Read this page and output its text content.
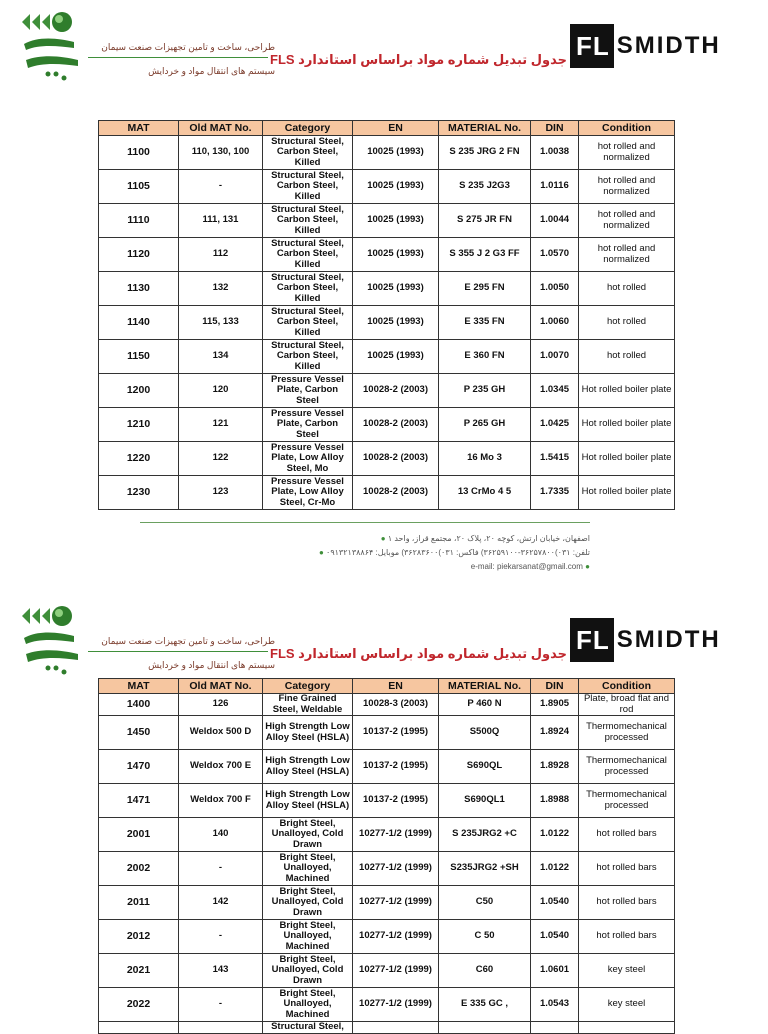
طراحی، ساخت و تامین تجهیزات صنعت سیمان
سیستم های انتقال مواد و خردایش
جدول تبدیل شماره مواد براساس استاندارد FLS FL SMIDTH
MAT	Old MAT No.	Category	EN	MATERIAL No.	DIN	Condition
1100	110, 130, 100	Structural Steel, Carbon Steel, Killed	10025 (1993)	S 235 JRG 2 FN	1.0038	hot rolled and normalized
1105	-	Structural Steel, Carbon Steel, Killed	10025 (1993)	S 235 J2G3	1.0116	hot rolled and normalized
1110	111, 131	Structural Steel, Carbon Steel, Killed	10025 (1993)	S 275 JR FN	1.0044	hot rolled and normalized
1120	112	Structural Steel, Carbon Steel, Killed	10025 (1993)	S 355 J 2 G3 FF	1.0570	hot rolled and normalized
1130	132	Structural Steel, Carbon Steel, Killed	10025 (1993)	E 295 FN	1.0050	hot rolled
1140	115, 133	Structural Steel, Carbon Steel, Killed	10025 (1993)	E 335 FN	1.0060	hot rolled
1150	134	Structural Steel, Carbon Steel, Killed	10025 (1993)	E 360 FN	1.0070	hot rolled
1200	120	Pressure Vessel Plate, Carbon Steel	10028-2 (2003)	P 235 GH	1.0345	Hot rolled boiler plate
1210	121	Pressure Vessel Plate, Carbon Steel	10028-2 (2003)	P 265 GH	1.0425	Hot rolled boiler plate
1220	122	Pressure Vessel Plate, Low Alloy Steel, Mo	10028-2 (2003)	16 Mo 3	1.5415	Hot rolled boiler plate
1230	123	Pressure Vessel Plate, Low Alloy Steel, Cr-Mo	10028-2 (2003)	13 CrMo 4 5	1.7335	Hot rolled boiler plate
اصفهان، خیابان ارتش، کوچه ۲۰، پلاک ۲۰، مجتمع قراز، واحد ۱ ●
تلفن: ۰۳۱)۳۶۲۵۷۸۰۰-۳۶۲۵۹۱۰۰) فاکس: ۰۳۱)۳۶۲۸۳۶۰۰) موبایل: ۰۹۱۳۲۱۳۸۸۶۴ ●
e-mail: piekarsanat@gmail.com ●
طراحی، ساخت و تامین تجهیزات صنعت سیمان
سیستم های انتقال مواد و خردایش
جدول تبدیل شماره مواد براساس استاندارد FLS FL SMIDTH
MAT	Old MAT No.	Category	EN	MATERIAL No.	DIN	Condition
1400	126	Fine Grained Steel, Weldable	10028-3 (2003)	P 460 N	1.8905	Plate, broad flat and rod
1450	Weldox 500 D	High Strength Low Alloy Steel (HSLA)	10137-2 (1995)	S500Q	1.8924	Thermomechanical processed
1470	Weldox 700 E	High Strength Low Alloy Steel (HSLA)	10137-2 (1995)	S690QL	1.8928	Thermomechanical processed
1471	Weldox 700 F	High Strength Low Alloy Steel (HSLA)	10137-2 (1995)	S690QL1	1.8988	Thermomechanical processed
2001	140	Bright Steel, Unalloyed, Cold Drawn	10277-1/2 (1999)	S 235JRG2 +C	1.0122	hot rolled bars
2002	-	Bright Steel, Unalloyed, Machined	10277-1/2 (1999)	S235JRG2 +SH	1.0122	hot rolled bars
2011	142	Bright Steel, Unalloyed, Cold Drawn	10277-1/2 (1999)	C50	1.0540	hot rolled bars
2012	-	Bright Steel, Unalloyed, Machined	10277-1/2 (1999)	C 50	1.0540	hot rolled bars
2021	143	Bright Steel, Unalloyed, Cold Drawn	10277-1/2 (1999)	C60	1.0601	key steel
2022	-	Bright Steel, Unalloyed, Machined	10277-1/2 (1999)	E 335 GC ,	1.0543	key steel
		Structural Steel,				
